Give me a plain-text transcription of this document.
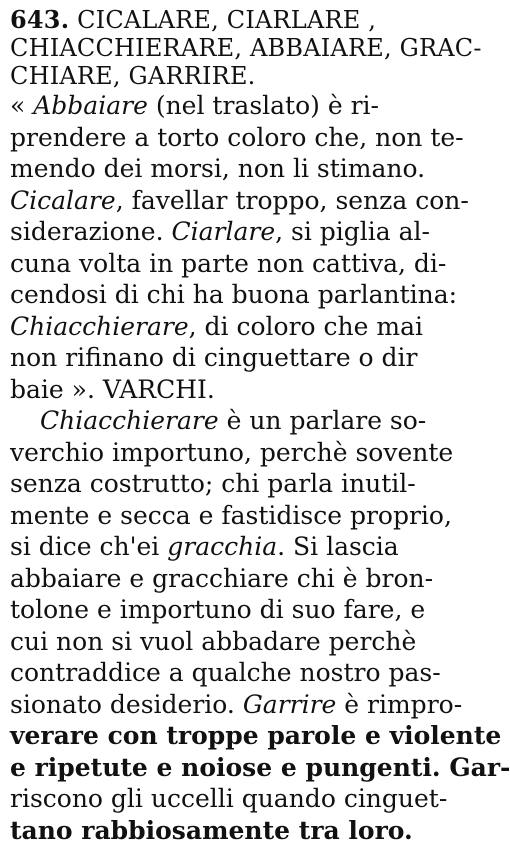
643. CICALARE, CIARLARE ,
CHIACCHIERARE, ABBAIARE, GRAC-
CHIARE, GARRIRE.
« Abbaiare (nel traslato) è ri-
prendere a torto coloro che, non te-
mendo dei morsi, non li stimano.
Cicalare, favellar troppo, senza con-
siderazione. Ciarlare, si piglia al-
cuna volta in parte non cattiva, di-
cendosi di chi ha buona parlantina:
Chiacchierare, di coloro che mai
non rifinano di cinguettare o dir
baie ». VARCHI.
Chiacchierare è un parlare so-
verchio importuno, perchè sovente
senza costrutto; chi parla inutil-
mente e secca e fastidisce proprio,
si dice ch'ei gracchia. Si lascia
abbaiare e gracchiare chi è bron-
tolone e importuno di suo fare, e
cui non si vuol abbadare perchè
contraddice a qualche nostro pas-
sionato desiderio. Garrire è rimpro-
verare con troppe parole e violente
e ripetute e noiose e pungenti. Gar-
riscono gli uccelli quando cinguet-
tano rabbiosamente tra loro.
